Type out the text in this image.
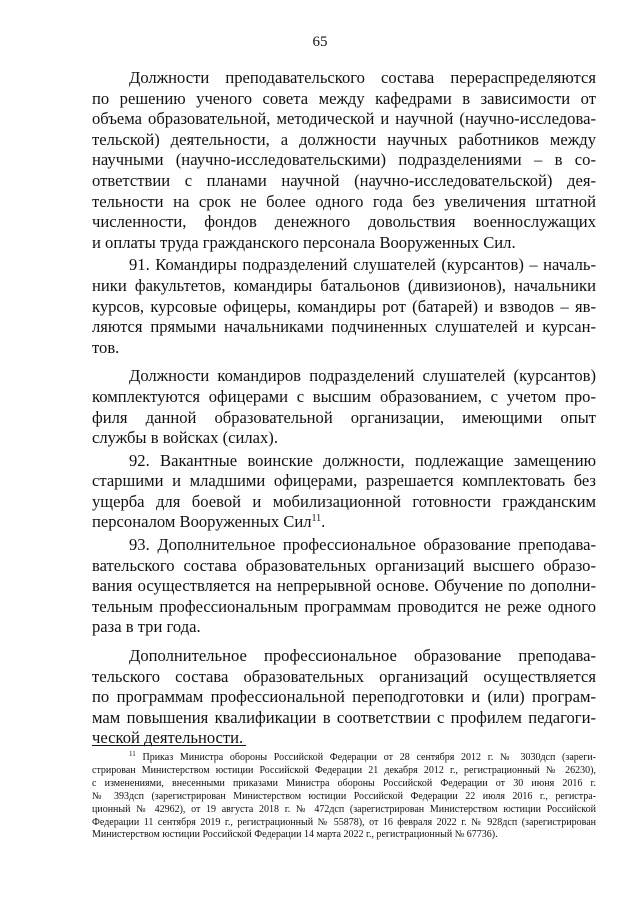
65
Должности преподавательского состава перераспределяются
по решению ученого совета между кафедрами в зависимости от
объема образовательной, методической и научной (научно-исследова-
тельской) деятельности, а должности научных работников между
научными (научно-исследовательскими) подразделениями – в со-
ответствии с планами научной (научно-исследовательской) дея-
тельности на срок не более одного года без увеличения штатной
численности, фондов денежного довольствия военнослужащих
и оплаты труда гражданского персонала Вооруженных Сил.
91. Командиры подразделений слушателей (курсантов) – началь-
ники факультетов, командиры батальонов (дивизионов), начальники
курсов, курсовые офицеры, командиры рот (батарей) и взводов – яв-
ляются прямыми начальниками подчиненных слушателей и курсан-
тов.
Должности командиров подразделений слушателей (курсантов)
комплектуются офицерами с высшим образованием, с учетом про-
филя данной образовательной организации, имеющими опыт
службы в войсках (силах).
92. Вакантные воинские должности, подлежащие замещению
старшими и младшими офицерами, разрешается комплектовать без
ущерба для боевой и мобилизационной готовности гражданским
персоналом Вооруженных Сил$^{11}$.
93. Дополнительное профессиональное образование преподава-
вательского состава образовательных организаций высшего образо-
вания осуществляется на непрерывной основе. Обучение по дополни-
тельным профессиональным программам проводится не реже одного
раза в три года.
Дополнительное профессиональное образование преподава-
тельского состава образовательных организаций осуществляется
по программам профессиональной переподготовки и (или) програм-
мам повышения квалификации в соответствии с профилем педагоги-
ческой деятельности.
$^{11}$ Приказ Министра обороны Российской Федерации от 28 сентября 2012 г. № 3030дсп (зареги-
стрирован Министерством юстиции Российской Федерации 21 декабря 2012 г., регистрационный № 26230),
с изменениями, внесенными приказами Министра обороны Российской Федерации от 30 июня 2016 г.
№ 393дсп (зарегистрирован Министерством юстиции Российской Федерации 22 июля 2016 г., регистра-
ционный № 42962), от 19 августа 2018 г. № 472дсп (зарегистрирован Министерством юстиции Российской
Федерации 11 сентября 2019 г., регистрационный № 55878), от 16 февраля 2022 г. № 928дсп (зарегистрирован
Министерством юстиции Российской Федерации 14 марта 2022 г., регистрационный № 67736).
